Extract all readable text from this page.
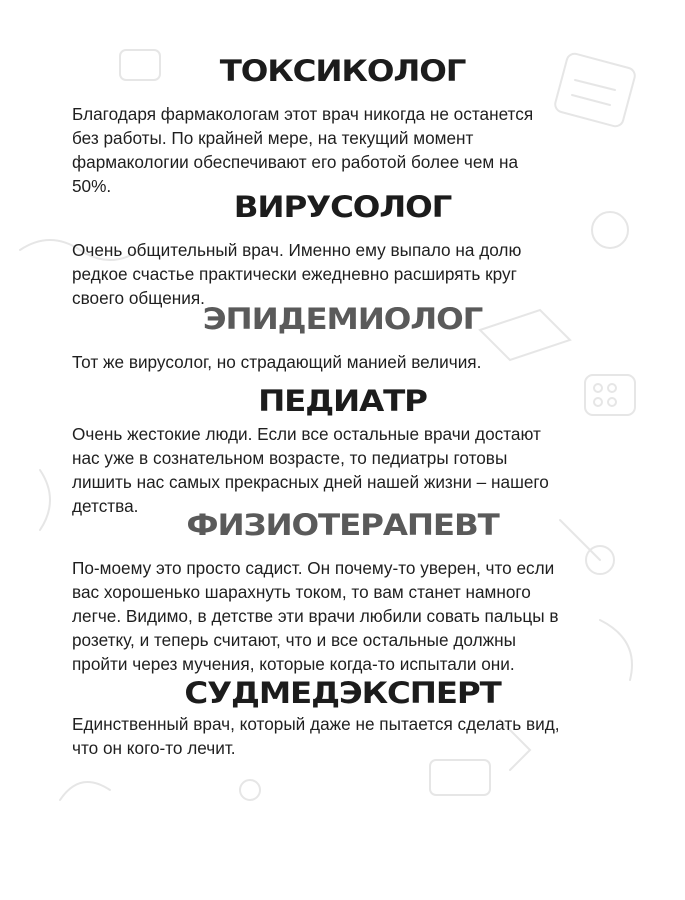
ТОКСИКОЛОГ

Благодаря фармакологам этот врач никогда не останется
без работы. По крайней мере, на текущий момент
фармакологии обеспечивают его работой более чем на
50%.

ВИРУСОЛОГ

Очень общительный врач. Именно ему выпало на долю
редкое счастье практически ежедневно расширять круг
своего общения.

ЭПИДЕМИОЛОГ

Тот же вирусолог, но страдающий манией величия.

ПЕДИАТР

Очень жестокие люди. Если все остальные врачи достают
нас уже в сознательном возрасте, то педиатры готовы
лишить нас самых прекрасных дней нашей жизни – нашего
детства.

ФИЗИОТЕРАПЕВТ

По-моему это просто садист. Он почему-то уверен, что если
вас хорошенько шарахнуть током, то вам станет намного
легче. Видимо, в детстве эти врачи любили совать пальцы в
розетку, и теперь считают, что и все остальные должны
пройти через мучения, которые когда-то испытали они.

СУДМЕДЭКСПЕРТ

Единственный врач, который даже не пытается сделать вид,
что он кого-то лечит.
